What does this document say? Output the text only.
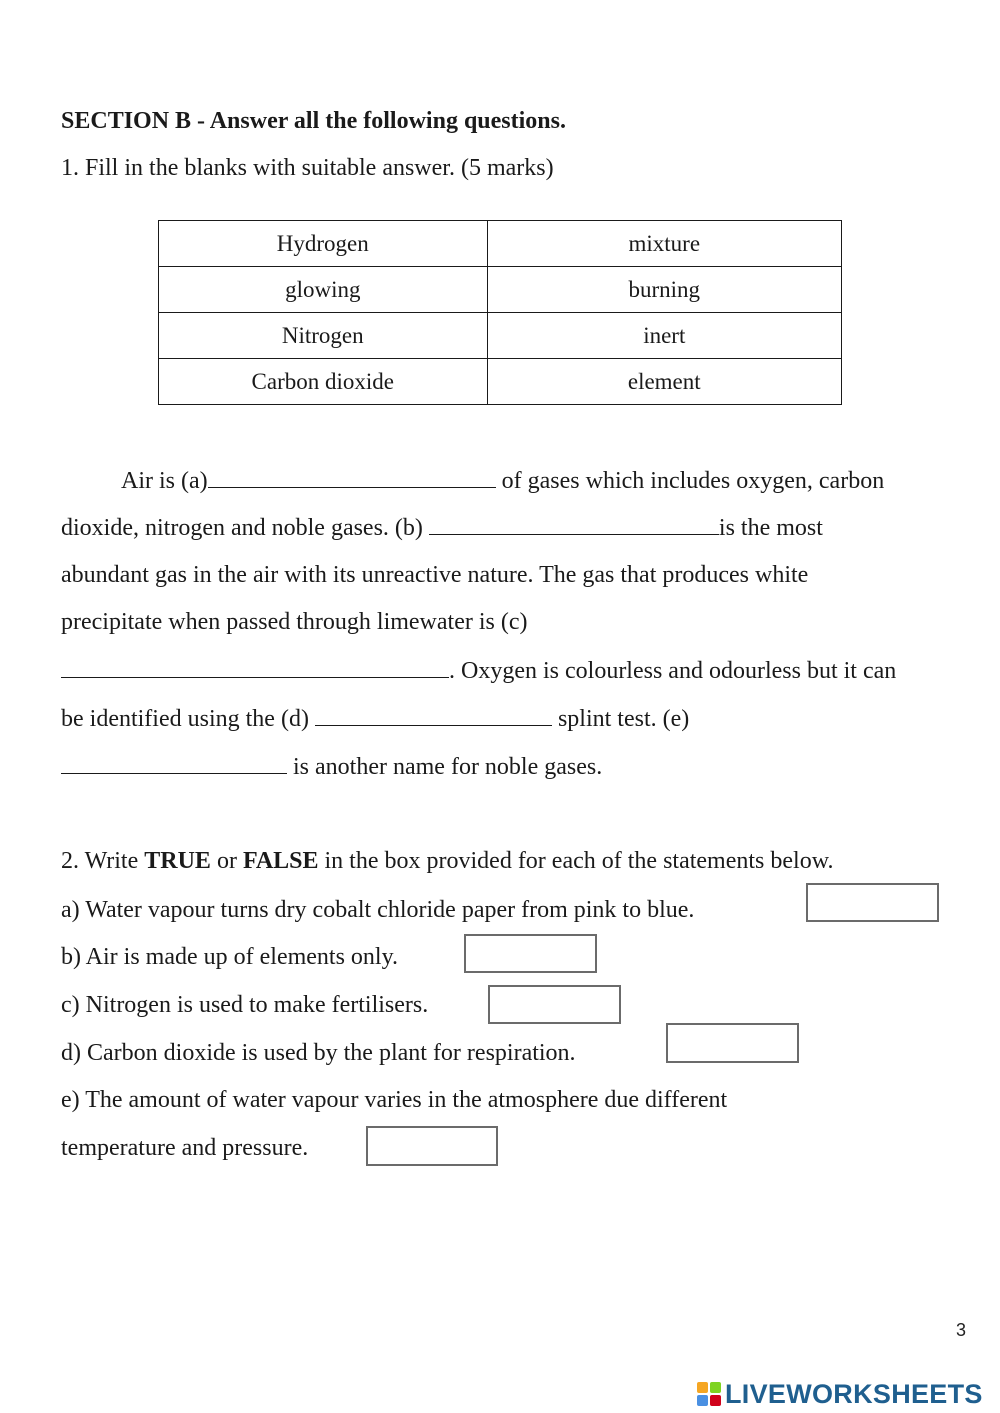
SECTION B - Answer all the following questions.
1. Fill in the blanks with suitable answer. (5 marks)
Hydrogen	mixture
glowing	burning
Nitrogen	inert
Carbon dioxide	element
Air is (a)	of gases which includes oxygen, carbon
dioxide, nitrogen and noble gases. (b)	is the most
abundant gas in the air with its unreactive nature. The gas that produces white
precipitate when passed through limewater is (c)
. Oxygen is colourless and odourless but it can
be identified using the (d)	splint test. (e)
is another name for noble gases.
2. Write TRUE or FALSE in the box provided for each of the statements below.
a) Water vapour turns dry cobalt chloride paper from pink to blue.
b) Air is made up of elements only.
c) Nitrogen is used to make fertilisers.
d) Carbon dioxide is used by the plant for respiration.
e) The amount of water vapour varies in the atmosphere due different
temperature and pressure.
3
LIVEWORKSHEETS
